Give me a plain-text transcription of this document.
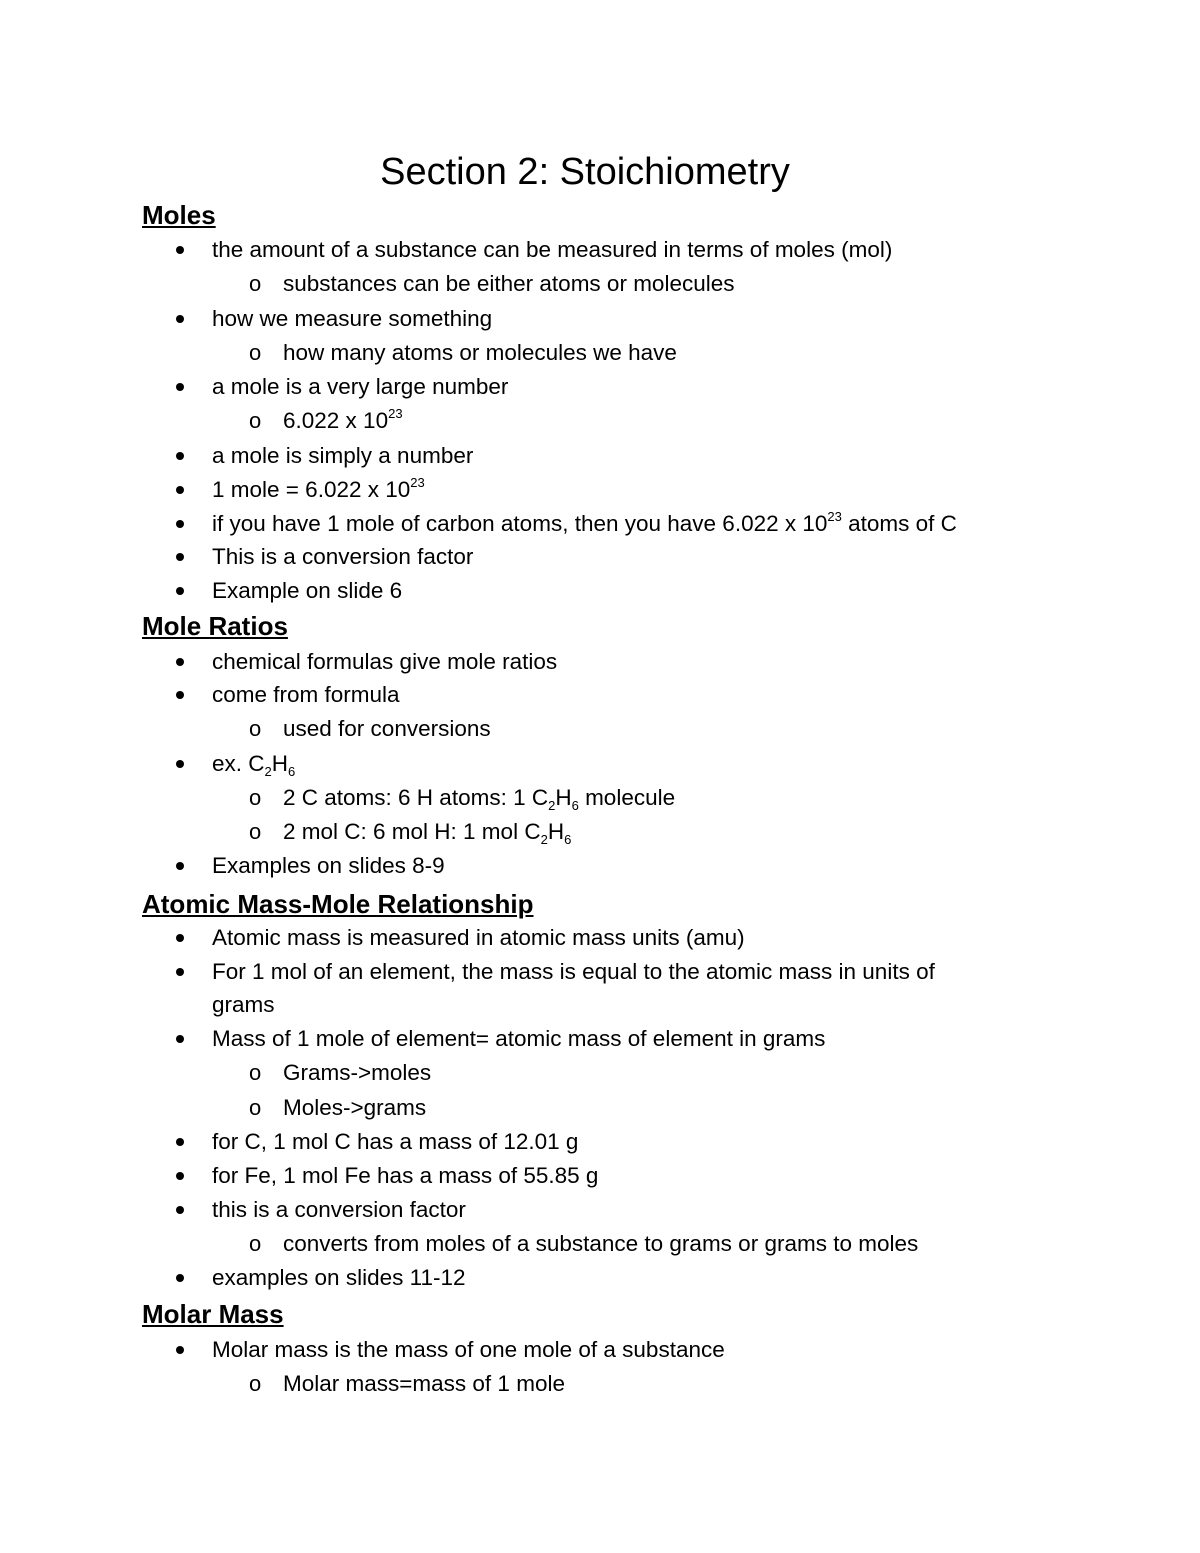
Section 2: Stoichiometry
Moles
the amount of a substance can be measured in terms of moles (mol)
o substances can be either atoms or molecules
how we measure something
o how many atoms or molecules we have
a mole is a very large number
o 6.022 x $10^{23}$
a mole is simply a number
1 mole = 6.022 x $10^{23}$
if you have 1 mole of carbon atoms, then you have 6.022 x $10^{23}$ atoms of C
This is a conversion factor
Example on slide 6
Mole Ratios
chemical formulas give mole ratios
come from formula
o used for conversions
ex. $C_2H_6$
o 2 C atoms: 6 H atoms: 1 $C_2H_6$ molecule
o 2 mol C: 6 mol H: 1 mol $C_2H_6$
Examples on slides 8-9
Atomic Mass-Mole Relationship
Atomic mass is measured in atomic mass units (amu)
For 1 mol of an element, the mass is equal to the atomic mass in units of
grams
Mass of 1 mole of element= atomic mass of element in grams
o Grams->moles
o Moles->grams
for C, 1 mol C has a mass of 12.01 g
for Fe, 1 mol Fe has a mass of 55.85 g
this is a conversion factor
o converts from moles of a substance to grams or grams to moles
examples on slides 11-12
Molar Mass
Molar mass is the mass of one mole of a substance
o Molar mass=mass of 1 mole
